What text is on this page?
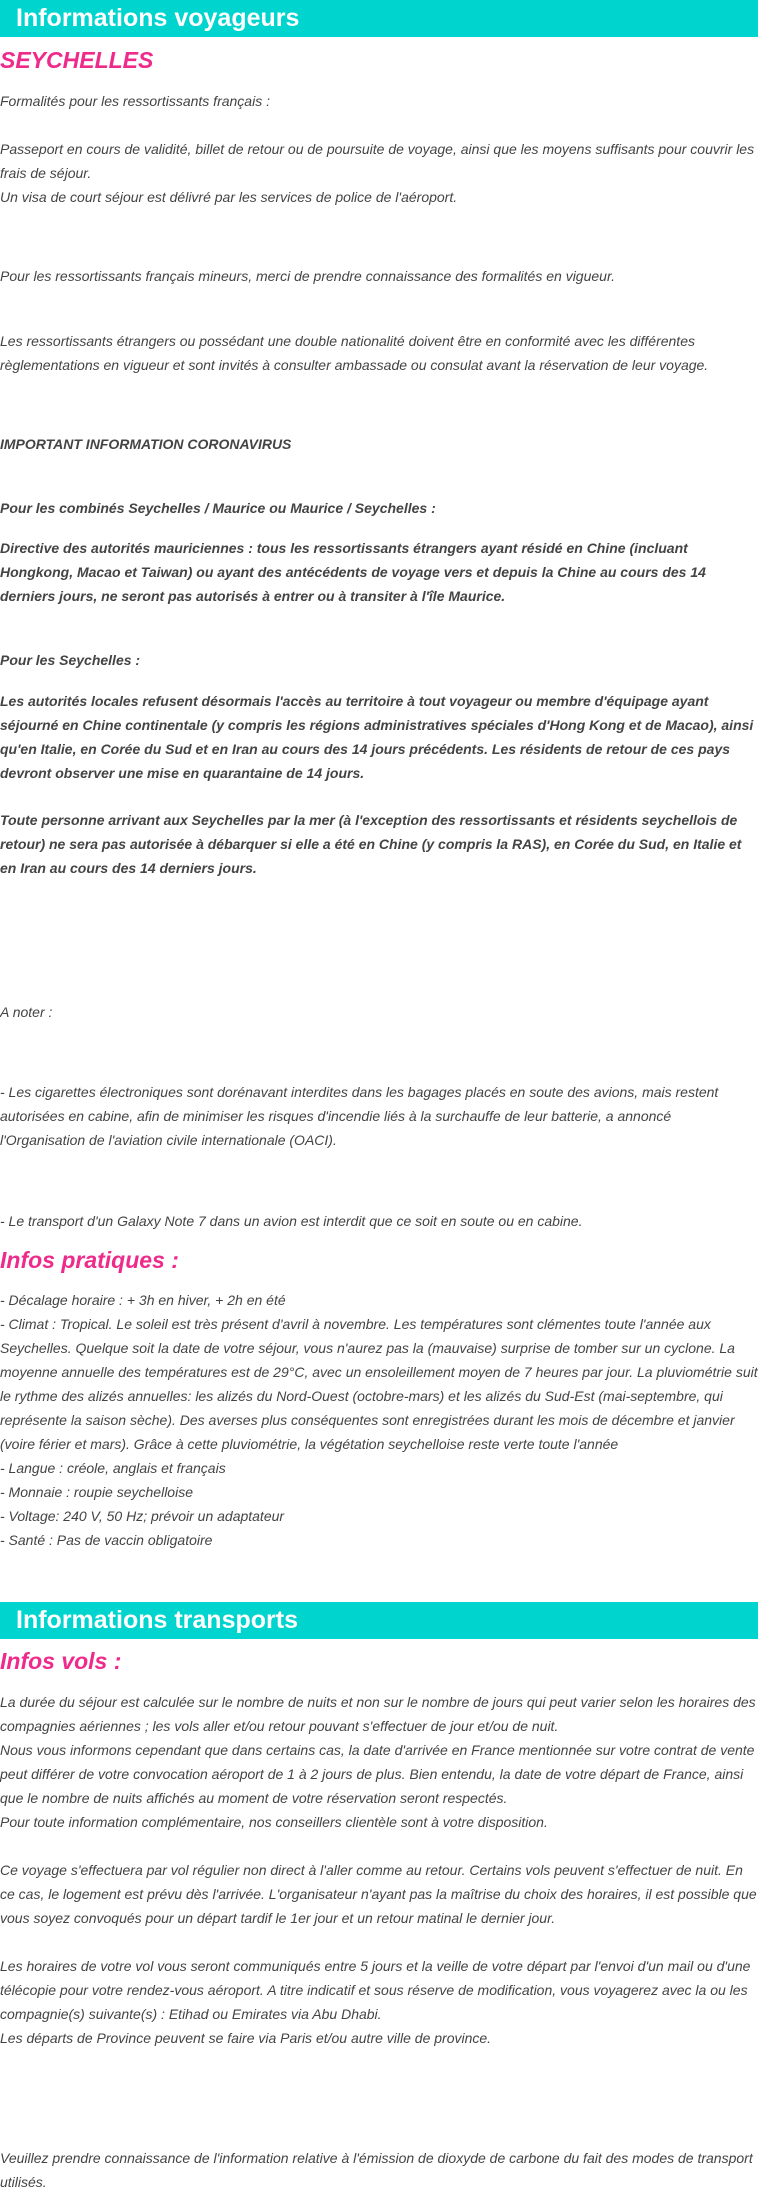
Informations voyageurs
SEYCHELLES

Formalités pour les ressortissants français :

Passeport en cours de validité, billet de retour ou de poursuite de voyage, ainsi que les moyens suffisants pour couvrir les frais de séjour.

Un visa de court séjour est délivré par les services de police de l'aéroport.

Pour les ressortissants français mineurs, merci de prendre connaissance des formalités en vigueur.

Les ressortissants étrangers ou possédant une double nationalité doivent être en conformité avec les différentes règlementations en vigueur et sont invités à consulter ambassade ou consulat avant la réservation de leur voyage.

IMPORTANT INFORMATION CORONAVIRUS

Pour les combinés Seychelles / Maurice ou Maurice / Seychelles :

Directive des autorités mauriciennes : tous les ressortissants étrangers ayant résidé en Chine (incluant Hongkong, Macao et Taiwan) ou ayant des antécédents de voyage vers et depuis la Chine au cours des 14 derniers jours, ne seront pas autorisés à entrer ou à transiter à l'île Maurice.

Pour les Seychelles :

Les autorités locales refusent désormais l'accès au territoire à tout voyageur ou membre d'équipage ayant séjourné en Chine continentale (y compris les régions administratives spéciales d'Hong Kong et de Macao), ainsi qu'en Italie, en Corée du Sud et en Iran au cours des 14 jours précédents. Les résidents de retour de ces pays devront observer une mise en quarantaine de 14 jours.

Toute personne arrivant aux Seychelles par la mer (à l'exception des ressortissants et résidents seychellois de retour) ne sera pas autorisée à débarquer si elle a été en Chine (y compris la RAS), en Corée du Sud, en Italie et en Iran au cours des 14 derniers jours.

A noter :

- Les cigarettes électroniques sont dorénavant interdites dans les bagages placés en soute des avions, mais restent autorisées en cabine, afin de minimiser les risques d'incendie liés à la surchauffe de leur batterie, a annoncé l'Organisation de l'aviation civile internationale (OACI).

- Le transport d'un Galaxy Note 7 dans un avion est interdit que ce soit en soute ou en cabine.

Infos pratiques :

- Décalage horaire : + 3h en hiver, + 2h en été

- Climat : Tropical. Le soleil est très présent d'avril à novembre. Les températures sont clémentes toute l'année aux Seychelles. Quelque soit la date de votre séjour, vous n'aurez pas la (mauvaise) surprise de tomber sur un cyclone. La moyenne annuelle des températures est de 29°C, avec un ensoleillement moyen de 7 heures par jour. La pluviométrie suit le rythme des alizés annuelles: les alizés du Nord-Ouest (octobre-mars) et les alizés du Sud-Est (mai-septembre, qui représente la saison sèche). Des averses plus conséquentes sont enregistrées durant les mois de décembre et janvier (voire férier et mars). Grâce à cette pluviométrie, la végétation seychelloise reste verte toute l'année

- Langue : créole, anglais et français

- Monnaie : roupie seychelloise

- Voltage: 240 V, 50 Hz; prévoir un adaptateur

- Santé : Pas de vaccin obligatoire

Informations transports
Infos vols :

La durée du séjour est calculée sur le nombre de nuits et non sur le nombre de jours qui peut varier selon les horaires des compagnies aériennes ; les vols aller et/ou retour pouvant s'effectuer de jour et/ou de nuit.

Nous vous informons cependant que dans certains cas, la date d'arrivée en France mentionnée sur votre contrat de vente peut différer de votre convocation aéroport de 1 à 2 jours de plus. Bien entendu, la date de votre départ de France, ainsi que le nombre de nuits affichés au moment de votre réservation seront respectés.

Pour toute information complémentaire, nos conseillers clientèle sont à votre disposition.

Ce voyage s'effectuera par vol régulier non direct à l'aller comme au retour. Certains vols peuvent s'effectuer de nuit. En ce cas, le logement est prévu dès l'arrivée. L'organisateur n'ayant pas la maîtrise du choix des horaires, il est possible que vous soyez convoqués pour un départ tardif le 1er jour et un retour matinal le dernier jour.

Les horaires de votre vol vous seront communiqués entre 5 jours et la veille de votre départ par l'envoi d'un mail ou d'une télécopie pour votre rendez-vous aéroport. A titre indicatif et sous réserve de modification, vous voyagerez avec la ou les compagnie(s) suivante(s) : Etihad ou Emirates via Abu Dhabi.

Les départs de Province peuvent se faire via Paris et/ou autre ville de province.

Veuillez prendre connaissance de l'information relative à l'émission de dioxyde de carbone du fait des modes de transport utilisés.
